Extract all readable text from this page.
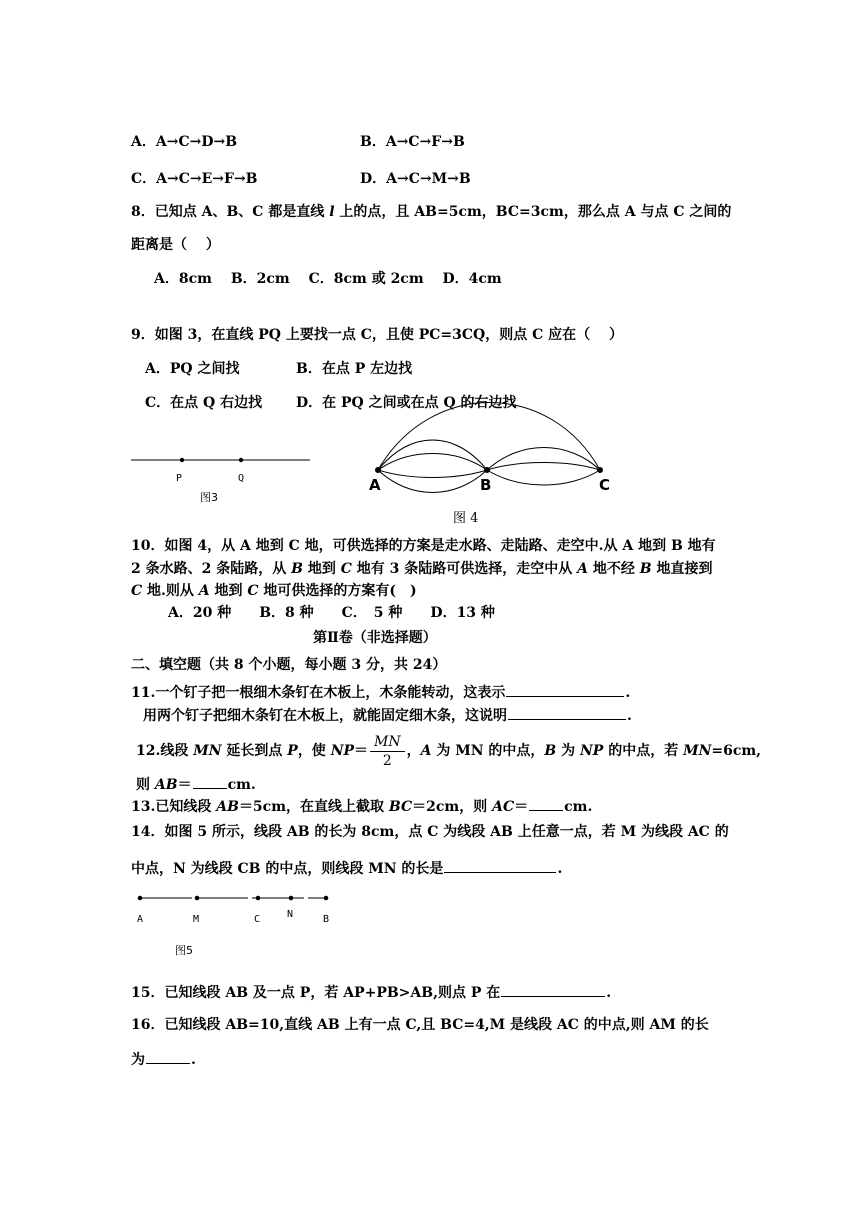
A．A→C→D→B	B．A→C→F→B
C．A→C→E→F→B	D．A→C→M→B
8．已知点 A、B、C 都是直线 l 上的点，且 AB=5cm，BC=3cm，那么点 A 与点 C 之间的
距离是（　 ）
A．8cm　 B．2cm　 C．8cm 或 2cm　 D．4cm
9．如图 3，在直线 PQ 上要找一点 C，且使 PC=3CQ，则点 C 应在（　 ）
A．PQ 之间找	B．在点 P 左边找
C．在点 Q 右边找 D．在 PQ 之间或在点 Q 的右边找
P	Q
图3
A	B	C
图 4
10．如图 4，从 A 地到 C 地，可供选择的方案是走水路、走陆路、走空中.从 A 地到 B 地有
2 条水路、2 条陆路，从 B 地到 C 地有 3 条陆路可供选择，走空中从 A 地不经 B 地直接到
C 地.则从 A 地到 C 地可供选择的方案有(　)
A．20 种　　B．8 种　　C．　5 种　　D．13 种
第Ⅱ卷（非选择题）
二、填空题（共 8 个小题，每小题 3 分，共 24）
11.一个钉子把一根细木条钉在木板上，木条能转动，这表示	.
用两个钉子把细木条钉在木板上，就能固定细木条，这说明	.
12.线段 MN 延长到点 P，使 $NP= \frac{MN}{2}$ ，A 为 MN 的中点，B 为 NP 的中点，若 MN=6cm,
则 AB＝	cm.
13.已知线段 AB＝5cm，在直线上截取 BC＝2cm，则 AC＝	cm.
14．如图 5 所示，线段 AB 的长为 8cm，点 C 为线段 AB 上任意一点，若 M 为线段 AC 的
中点，N 为线段 CB 的中点，则线段 MN 的长是	.
A	M	C	N	B
图5
15．已知线段 AB 及一点 P，若 AP+PB>AB,则点 P 在	.
16．已知线段 AB=10,直线 AB 上有一点 C,且 BC=4,M 是线段 AC 的中点,则 AM 的长
为	.
